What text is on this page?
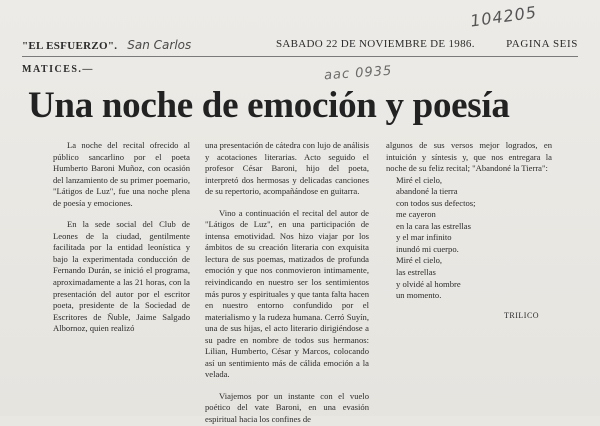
104205
"EL ESFUERZO". San Carlos	SABADO 22 DE NOVIEMBRE DE 1986.	PAGINA SEIS
MATICES.—	aac 0935
Una noche de emoción y poesía

La noche del recital ofrecido al público sancarlino por el poeta Humberto Baroni Muñoz, con ocasión del lanzamiento de su primer poemario, "Látigos de Luz", fue una noche plena de poesía y emociones.

En la sede social del Club de Leones de la ciudad, gentilmente facilitada por la entidad leonística y bajo la experimentada conducción de Fernando Durán, se inició el programa, aproximadamente a las 21 horas, con la presentación del autor por el escritor poeta, presidente de la Sociedad de Escritores de Ñuble, Jaime Salgado Albornoz, quien realizó

una presentación de cátedra con lujo de análisis y acotaciones literarias. Acto seguido el profesor César Baroni, hijo del poeta, interpretó dos hermosas y delicadas canciones de su repertorio, acompañándose en guitarra.

Vino a continuación el recital del autor de "Látigos de Luz", en una participación de intensa emotividad. Nos hizo viajar por los ámbitos de su creación literaria con exquisita lectura de sus poemas, matizados de profunda emoción y que nos conmovieron intimamente, reivindicando en nuestro ser los sentimientos más puros y espirituales y que tanta falta hacen en nuestro entorno confundido por el materialismo y la rudeza humana. Cerró Suyín, una de sus hijas, el acto literario dirigiéndose a su padre en nombre de todos sus hermanos: Lilian, Humberto, César y Marcos, colocando así un sentimiento más de cálida emoción a la velada.

Viajemos por un instante con el vuelo poético del vate Baroni, en una evasión espiritual hacia los confines de

algunos de sus versos mejor logrados, en intuición y síntesis y, que nos entregara la noche de su feliz recital; "Abandoné la Tierra":

Miré el cielo,
abandoné la tierra
con todos sus defectos;
me cayeron
en la cara las estrellas
y el mar infinito
inundó mi cuerpo.
Miré el cielo,
las estrellas
y olvidé al hombre
un momento.
TRILICO
